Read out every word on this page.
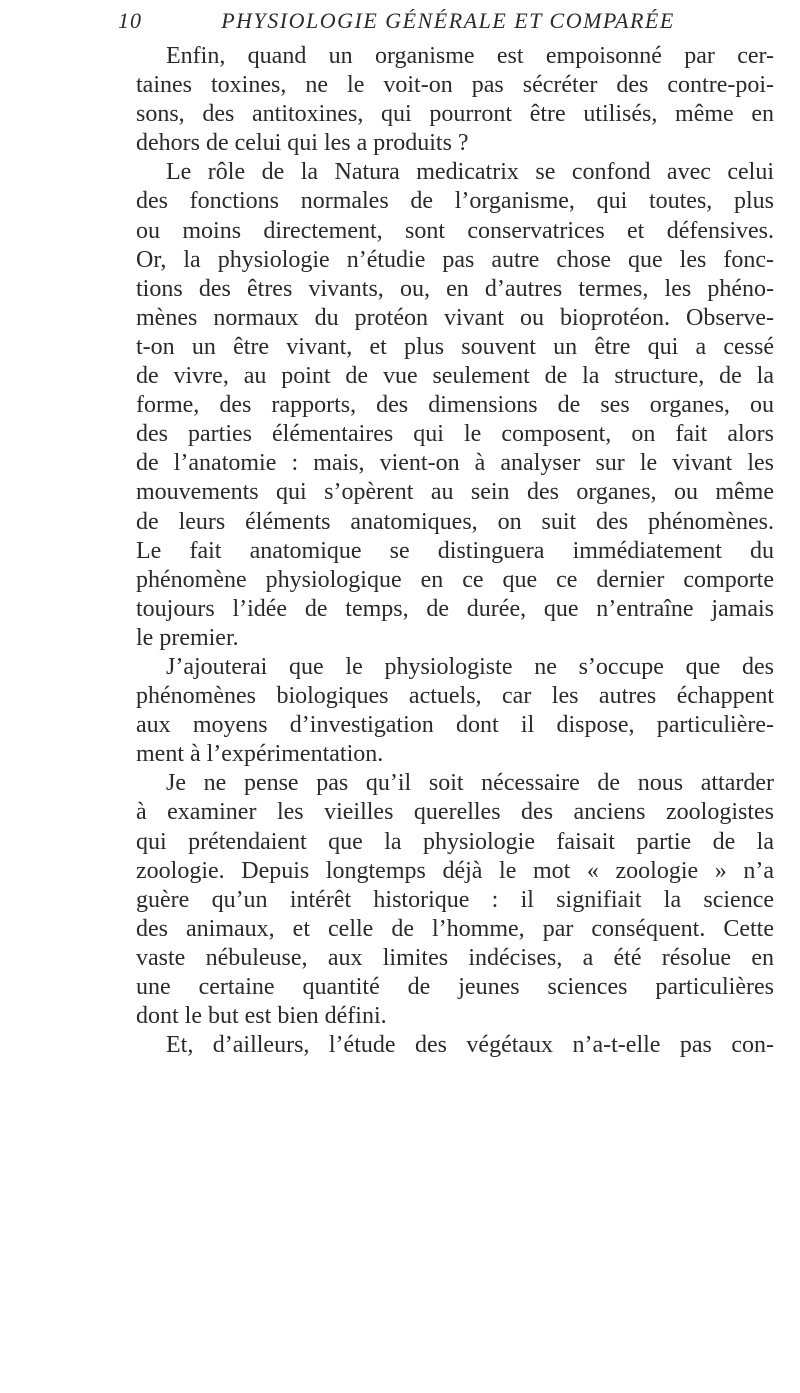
10	PHYSIOLOGIE GÉNÉRALE ET COMPARÉE
Enfin, quand un organisme est empoisonné par cer-
taines toxines, ne le voit-on pas sécréter des contre-poi-
sons, des antitoxines, qui pourront être utilisés, même en
dehors de celui qui les a produits ?
Le rôle de la Natura medicatrix se confond avec celui
des fonctions normales de l’organisme, qui toutes, plus
ou moins directement, sont conservatrices et défensives.
Or, la physiologie n’étudie pas autre chose que les fonc-
tions des êtres vivants, ou, en d’autres termes, les phéno-
mènes normaux du protéon vivant ou bioprotéon. Observe-
t-on un être vivant, et plus souvent un être qui a cessé
de vivre, au point de vue seulement de la structure, de la
forme, des rapports, des dimensions de ses organes, ou
des parties élémentaires qui le composent, on fait alors
de l’anatomie : mais, vient-on à analyser sur le vivant les
mouvements qui s’opèrent au sein des organes, ou même
de leurs éléments anatomiques, on suit des phénomènes.
Le fait anatomique se distinguera immédiatement du
phénomène physiologique en ce que ce dernier comporte
toujours l’idée de temps, de durée, que n’entraîne jamais
le premier.
J’ajouterai que le physiologiste ne s’occupe que des
phénomènes biologiques actuels, car les autres échappent
aux moyens d’investigation dont il dispose, particulière-
ment à l’expérimentation.
Je ne pense pas qu’il soit nécessaire de nous attarder
à examiner les vieilles querelles des anciens zoologistes
qui prétendaient que la physiologie faisait partie de la
zoologie. Depuis longtemps déjà le mot « zoologie » n’a
guère qu’un intérêt historique : il signifiait la science
des animaux, et celle de l’homme, par conséquent. Cette
vaste nébuleuse, aux limites indécises, a été résolue en
une certaine quantité de jeunes sciences particulières
dont le but est bien défini.
Et, d’ailleurs, l’étude des végétaux n’a-t-elle pas con-
